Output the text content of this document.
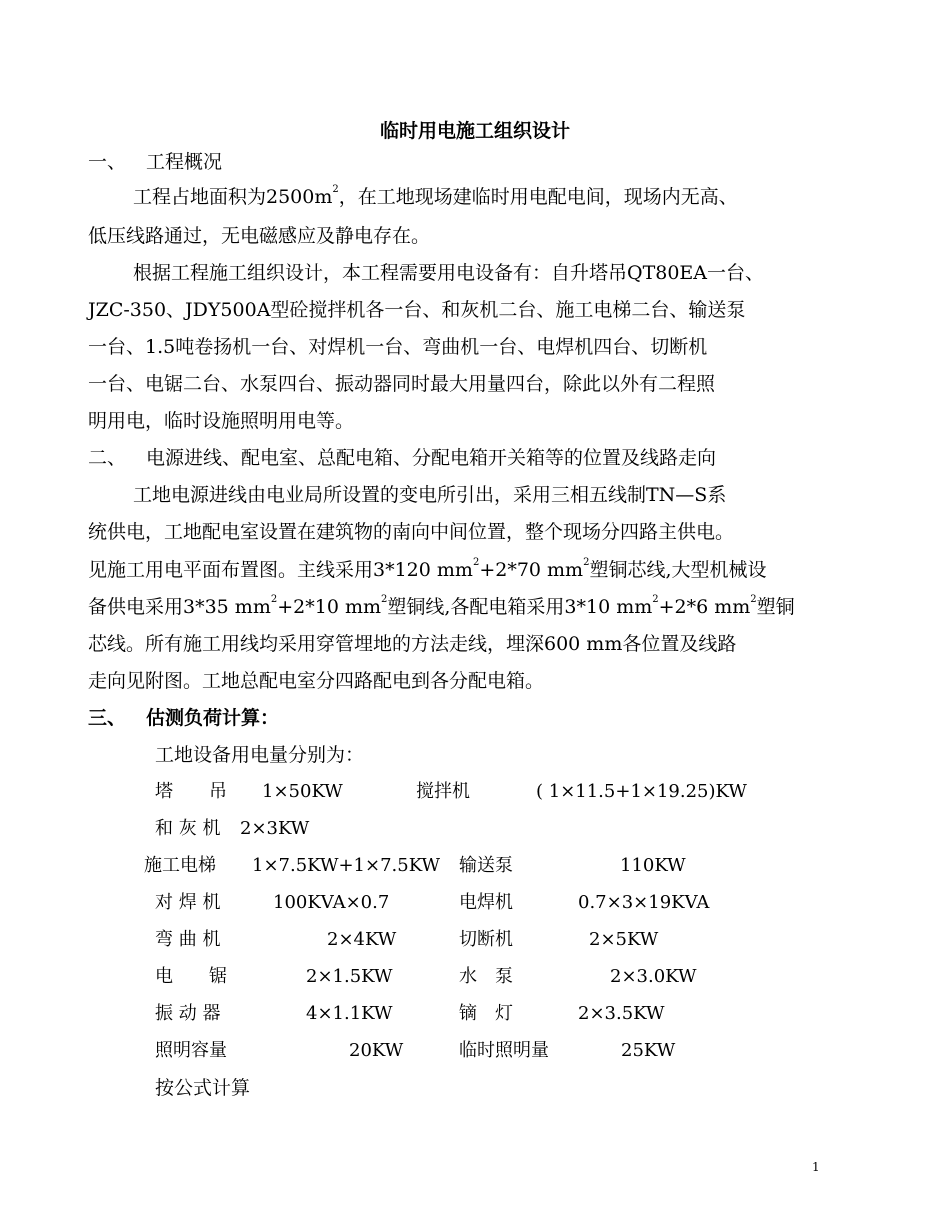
临时用电施工组织设计
一、 工程概况
工程占地面积为$2500m^2$，在工地现场建临时用电配电间，现场内无高、
低压线路通过，无电磁感应及静电存在。
根据工程施工组织设计，本工程需要用电设备有：自升塔吊QT80EA一台、
JZC-350、JDY500A型砼搅拌机各一台、和灰机二台、施工电梯二台、输送泵
一台、1.5吨卷扬机一台、对焊机一台、弯曲机一台、电焊机四台、切断机
一台、电锯二台、水泵四台、振动器同时最大用量四台，除此以外有二程照
明用电，临时设施照明用电等。
二、 电源进线、配电室、总配电箱、分配电箱开关箱等的位置及线路走向
工地电源进线由电业局所设置的变电所引出，采用三相五线制TN—S系
统供电，工地配电室设置在建筑物的南向中间位置，整个现场分四路主供电。
见施工用电平面布置图。主线采用3*120 $mm^2+2*70$ $mm^2$塑铜芯线,大型机械设
备供电采用3*35 $mm^2+2*10$ $mm^2$塑铜线,各配电箱采用3*10 $mm^2+2*6$ $mm^2$塑铜
芯线。所有施工用线均采用穿管埋地的方法走线，埋深600 mm各位置及线路
走向见附图。工地总配电室分四路配电到各分配电箱。
三、 估测负荷计算：
工地设备用电量分别为：
塔　　吊 1×50KW	搅拌机	( 1×11.5+1×19.25)KW
和 灰 机 2×3KW
施工电梯 1×7.5KW+1×7.5KW 输送泵	110KW
对 焊 机	100KVA×0.7	电焊机	0.7×3×19KVA
弯 曲 机	2×4KW	切断机	2×5KW
电　　锯	2×1.5KW	水　泵	2×3.0KW
振 动 器	4×1.1KW	镝　灯	2×3.5KW
照明容量	20KW	临时照明量	25KW
按公式计算
1
